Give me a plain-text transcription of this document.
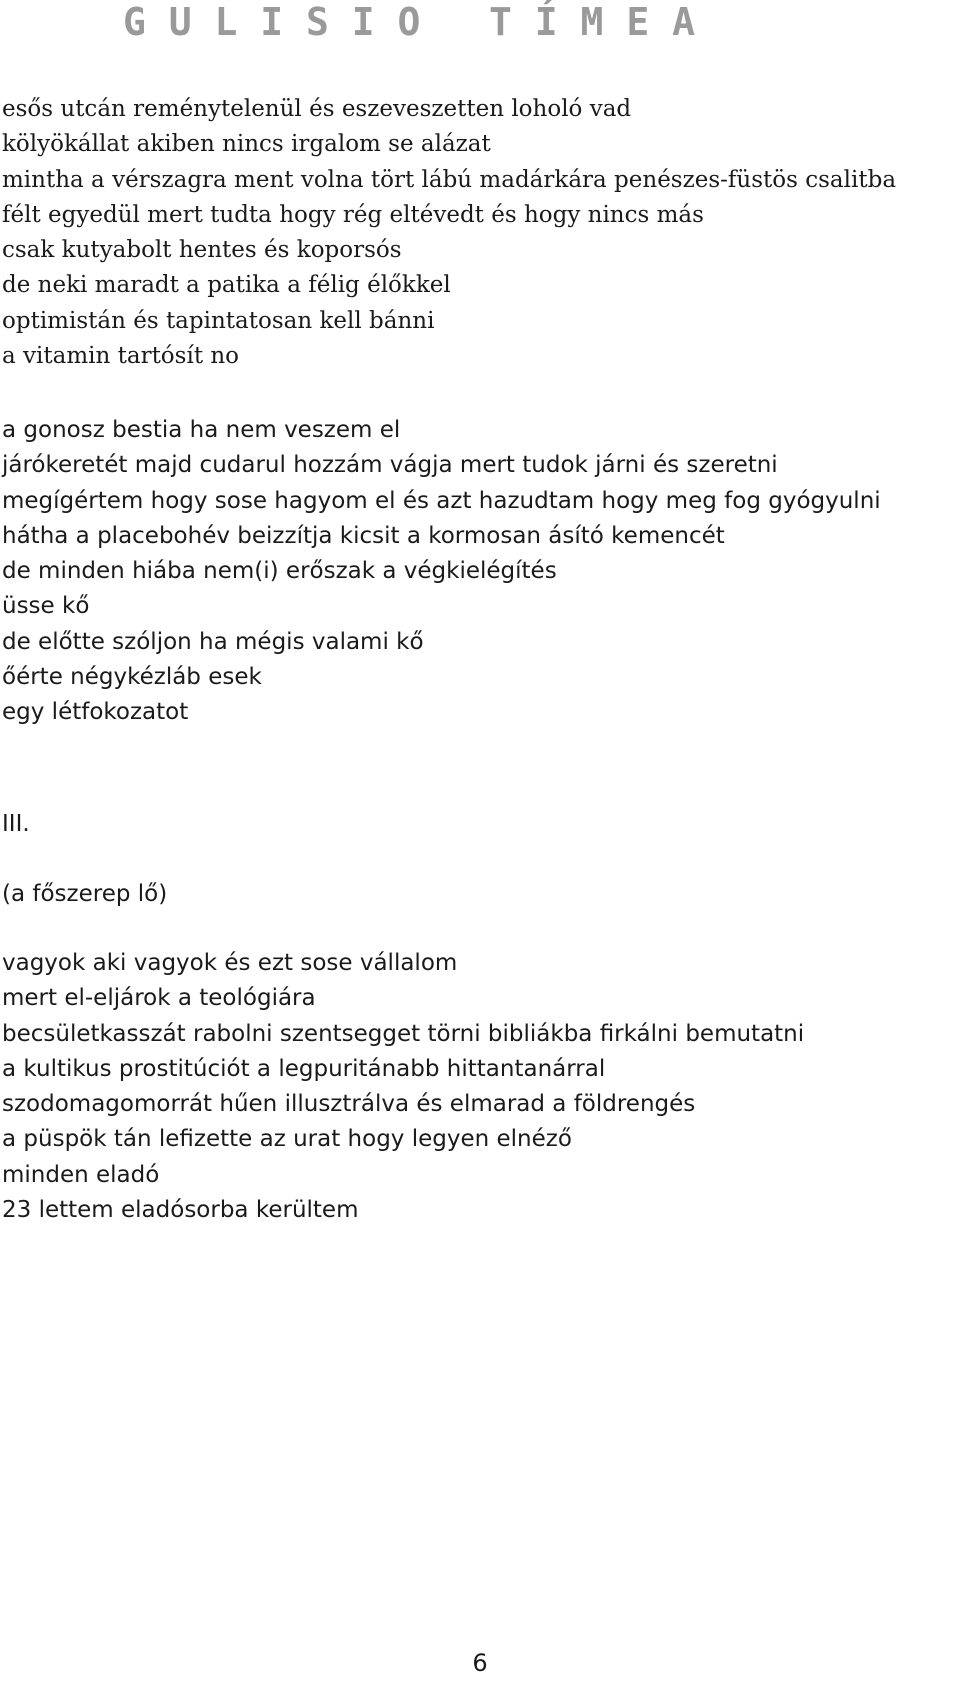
G U L I S I O   T Í M E A
esős utcán reménytelenül és eszeveszetten loholó vad
kölyökállat akiben nincs irgalom se alázat
mintha a vérszagra ment volna tört lábú madárkára penészes-füstös csalitba
félt egyedül mert tudta hogy rég eltévedt és hogy nincs más
csak kutyabolt hentes és koporsós
de neki maradt a patika a félig élőkkel
optimistán és tapintatosan kell bánni
a vitamin tartósít no
a gonosz bestia ha nem veszem el
járókeretét majd cudarul hozzám vágja mert tudok járni és szeretni
megígértem hogy sose hagyom el és azt hazudtam hogy meg fog gyógyulni
hátha a placebohév beizzítja kicsit a kormosan ásító kemencét
de minden hiába nem(i) erőszak a végkielégítés
üsse kő
de előtte szóljon ha mégis valami kő
őérte négykézláb esek
egy létfokozatot
III.
(a főszerep lő)
vagyok aki vagyok és ezt sose vállalom
mert el-eljárok a teológiára
becsületkasszát rabolni szentsegget törni bibliákba firkálni bemutatni
a kultikus prostitúciót a legpuritánabb hittantanárral
szodomagomorrát hűen illusztrálva és elmarad a földrengés
a püspök tán lefizette az urat hogy legyen elnéző
minden eladó
23 lettem eladósorba kerültem
6
